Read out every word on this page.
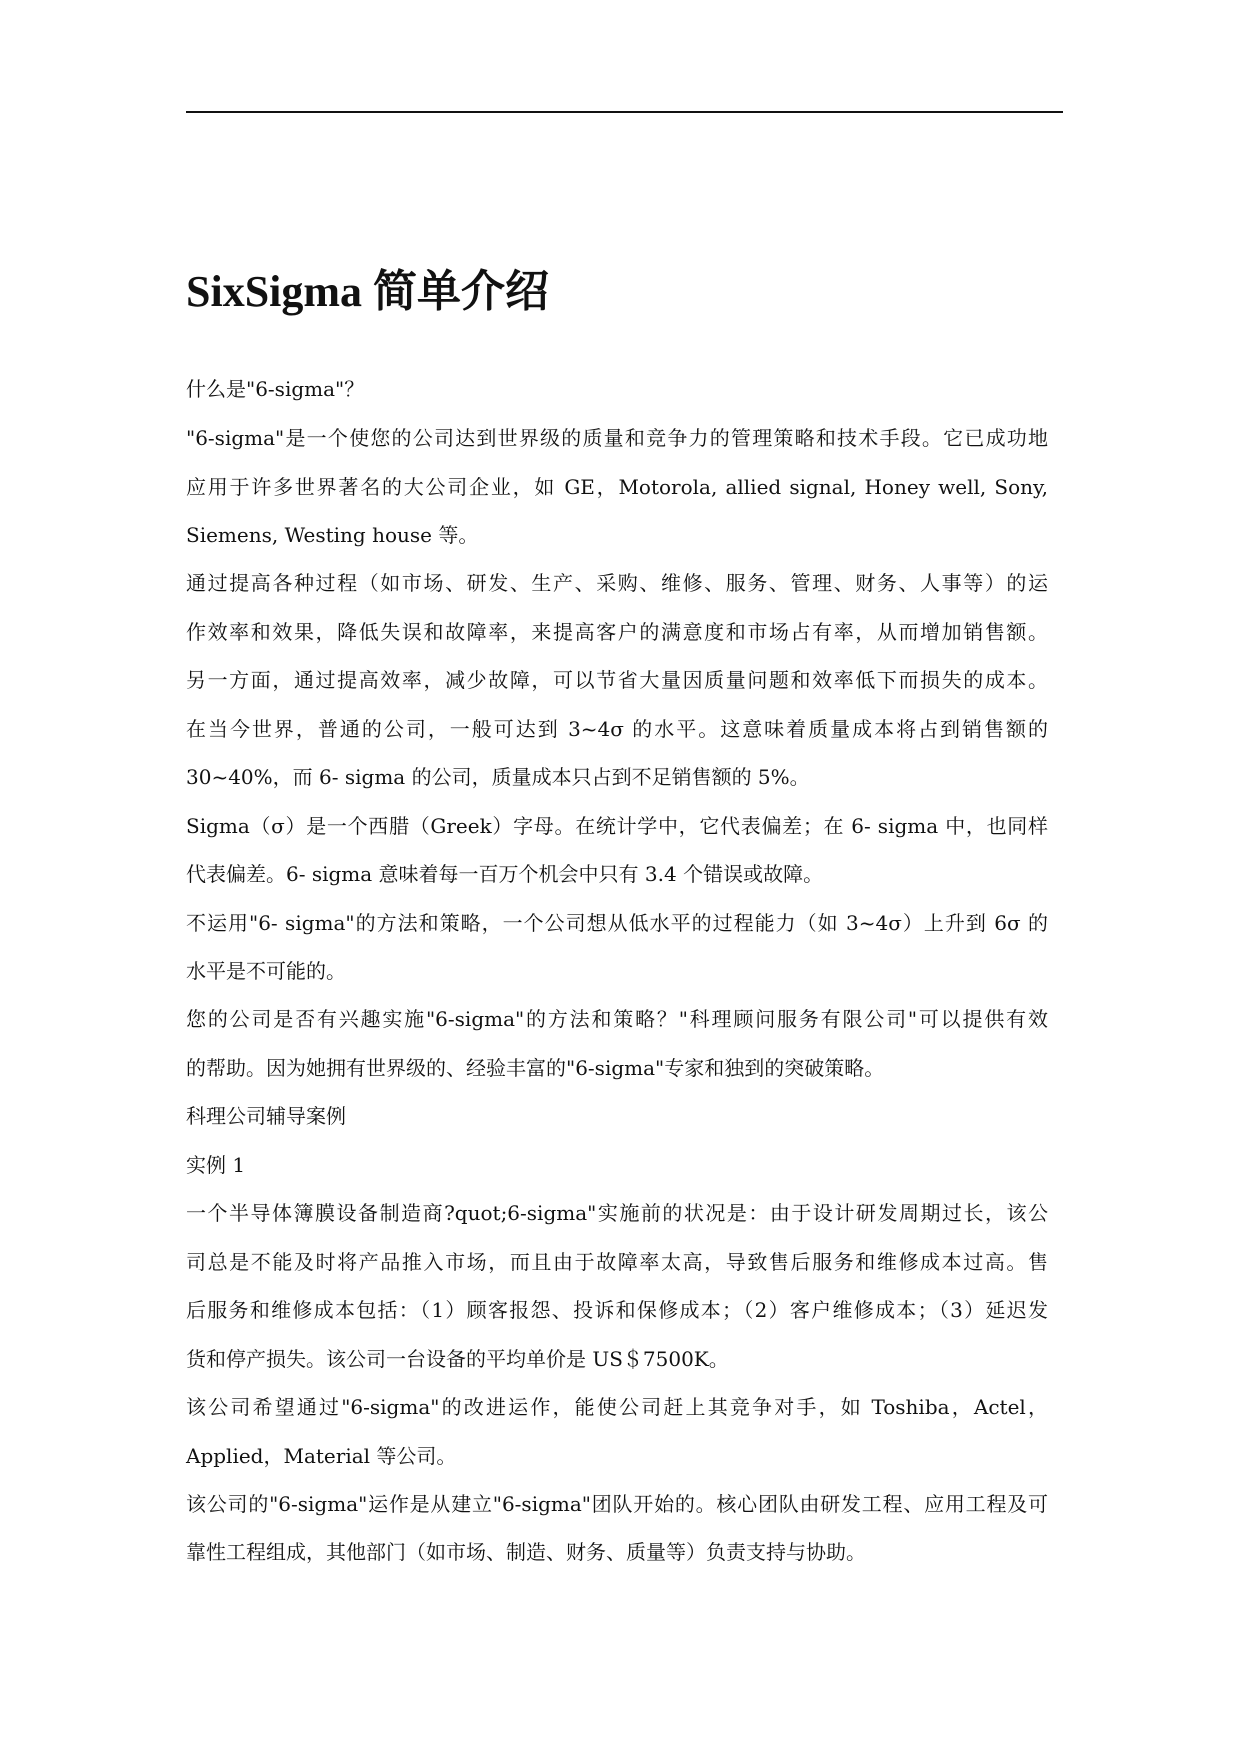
SixSigma 简单介绍

什么是"6-sigma"？

"6-sigma"是一个使您的公司达到世界级的质量和竞争力的管理策略和技术手段。它已成功地

应用于许多世界著名的大公司企业，如 GE，Motorola, allied signal, Honey well, Sony,

Siemens, Westing house 等。

通过提高各种过程（如市场、研发、生产、采购、维修、服务、管理、财务、人事等）的运

作效率和效果，降低失误和故障率，来提高客户的满意度和市场占有率，从而增加销售额。

另一方面，通过提高效率，减少故障，可以节省大量因质量问题和效率低下而损失的成本。

在当今世界，普通的公司，一般可达到 3~4σ 的水平。这意味着质量成本将占到销售额的

30~40%，而 6- sigma 的公司，质量成本只占到不足销售额的 5%。

Sigma（σ）是一个西腊（Greek）字母。在统计学中，它代表偏差；在 6- sigma 中，也同样

代表偏差。6- sigma 意味着每一百万个机会中只有 3.4 个错误或故障。

不运用"6- sigma"的方法和策略，一个公司想从低水平的过程能力（如 3~4σ）上升到 6σ 的

水平是不可能的。

您的公司是否有兴趣实施"6-sigma"的方法和策略？"科理顾问服务有限公司"可以提供有效

的帮助。因为她拥有世界级的、经验丰富的"6-sigma"专家和独到的突破策略。

科理公司辅导案例

实例 1

一个半导体簿膜设备制造商?quot;6-sigma"实施前的状况是：由于设计研发周期过长，该公

司总是不能及时将产品推入市场，而且由于故障率太高，导致售后服务和维修成本过高。售

后服务和维修成本包括：（1）顾客报怨、投诉和保修成本；（2）客户维修成本；（3）延迟发

货和停产损失。该公司一台设备的平均单价是 US＄7500K。

该公司希望通过"6-sigma"的改进运作，能使公司赶上其竞争对手，如 Toshiba，Actel，

Applied，Material 等公司。

该公司的"6-sigma"运作是从建立"6-sigma"团队开始的。核心团队由研发工程、应用工程及可

靠性工程组成，其他部门（如市场、制造、财务、质量等）负责支持与协助。
